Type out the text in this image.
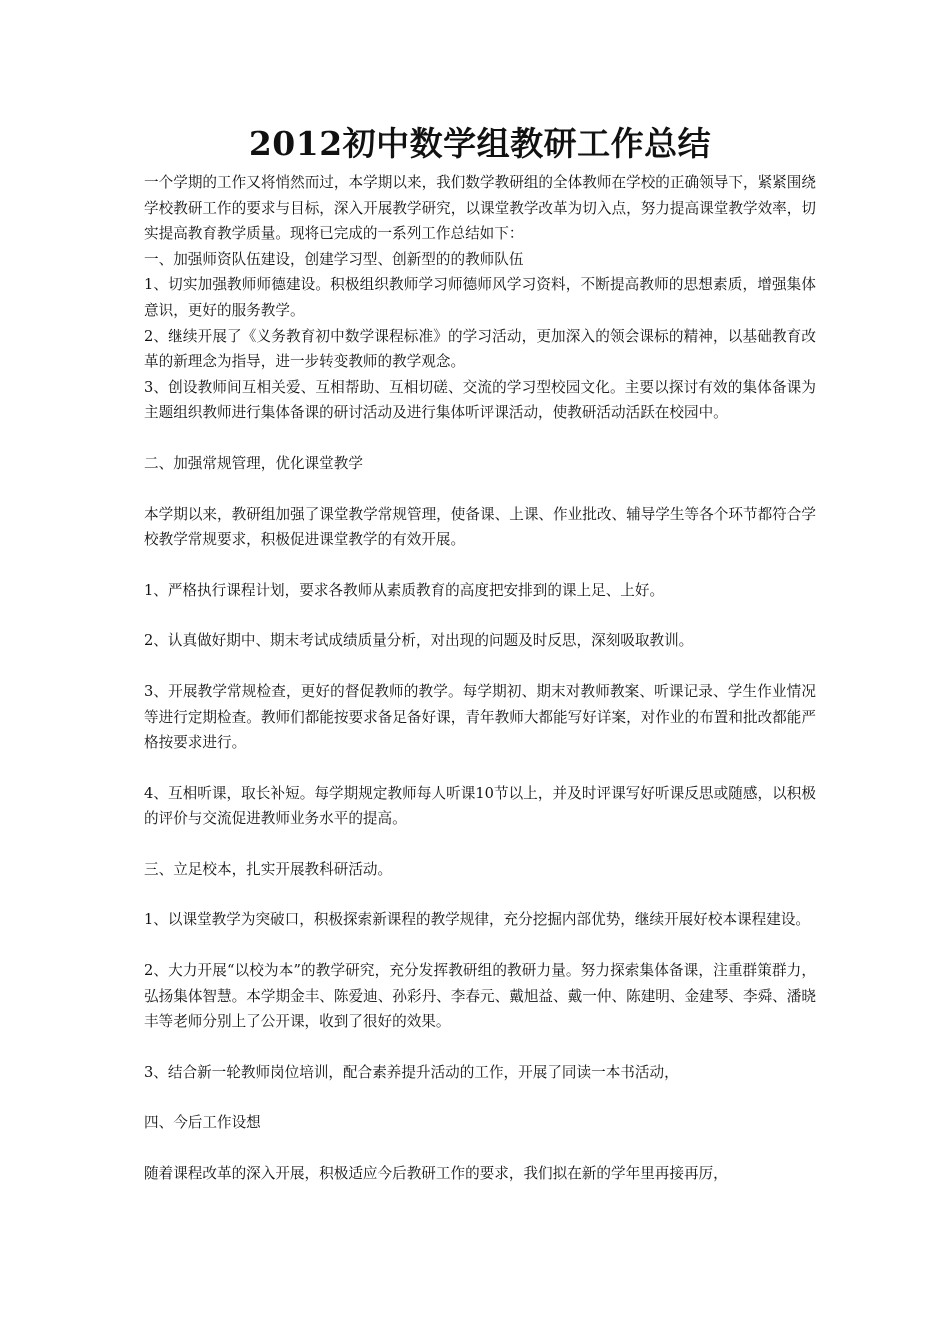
2012初中数学组教研工作总结

一个学期的工作又将悄然而过，本学期以来，我们数学教研组的全体教师在学校的正确领导下，紧紧围绕学校教研工作的要求与目标，深入开展教学研究，以课堂教学改革为切入点，努力提高课堂教学效率，切实提高教育教学质量。现将已完成的一系列工作总结如下：

一、加强师资队伍建设，创建学习型、创新型的的教师队伍

1、切实加强教师师德建设。积极组织教师学习师德师风学习资料，不断提高教师的思想素质，增强集体意识，更好的服务教学。

2、继续开展了《义务教育初中数学课程标准》的学习活动，更加深入的领会课标的精神，以基础教育改革的新理念为指导，进一步转变教师的教学观念。

3、创设教师间互相关爱、互相帮助、互相切磋、交流的学习型校园文化。主要以探讨有效的集体备课为主题组织教师进行集体备课的研讨活动及进行集体听评课活动，使教研活动活跃在校园中。

二、加强常规管理，优化课堂教学

本学期以来，教研组加强了课堂教学常规管理，使备课、上课、作业批改、辅导学生等各个环节都符合学校教学常规要求，积极促进课堂教学的有效开展。

1、严格执行课程计划，要求各教师从素质教育的高度把安排到的课上足、上好。

2、认真做好期中、期末考试成绩质量分析，对出现的问题及时反思，深刻吸取教训。

3、开展教学常规检查，更好的督促教师的教学。每学期初、期末对教师教案、听课记录、学生作业情况等进行定期检查。教师们都能按要求备足备好课，青年教师大都能写好详案，对作业的布置和批改都能严格按要求进行。

4、互相听课，取长补短。每学期规定教师每人听课10节以上，并及时评课写好听课反思或随感，以积极的评价与交流促进教师业务水平的提高。

三、立足校本，扎实开展教科研活动。

1、以课堂教学为突破口，积极探索新课程的教学规律，充分挖掘内部优势，继续开展好校本课程建设。

2、大力开展“以校为本”的教学研究，充分发挥教研组的教研力量。努力探索集体备课，注重群策群力，弘扬集体智慧。本学期金丰、陈爱迪、孙彩丹、李春元、戴旭益、戴一仲、陈建明、金建琴、李舜、潘晓丰等老师分别上了公开课，收到了很好的效果。

3、结合新一轮教师岗位培训，配合素养提升活动的工作，开展了同读一本书活动，

四、今后工作设想

随着课程改革的深入开展，积极适应今后教研工作的要求，我们拟在新的学年里再接再厉，
